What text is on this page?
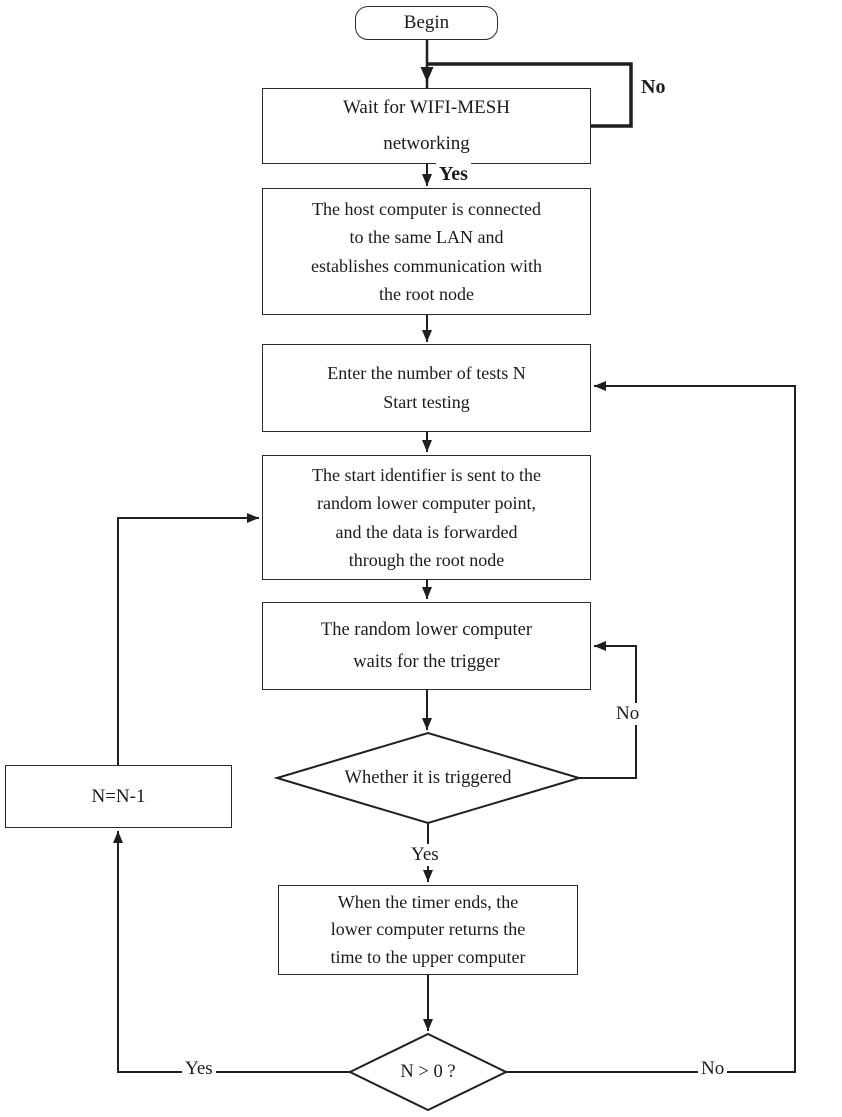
Begin
Wait for WIFI-MESH
networking
The host computer is connected
to the same LAN and
establishes communication with
the root node
Enter the number of tests N
Start testing
The start identifier is sent to the
random lower computer point,
and the data is forwarded
through the root node
The random lower computer
waits for the trigger
Whether it is triggered
When the timer ends, the
lower computer returns the
time to the upper computer
N > 0 ?
N=N-1
No
Yes
No
Yes
Yes	No
